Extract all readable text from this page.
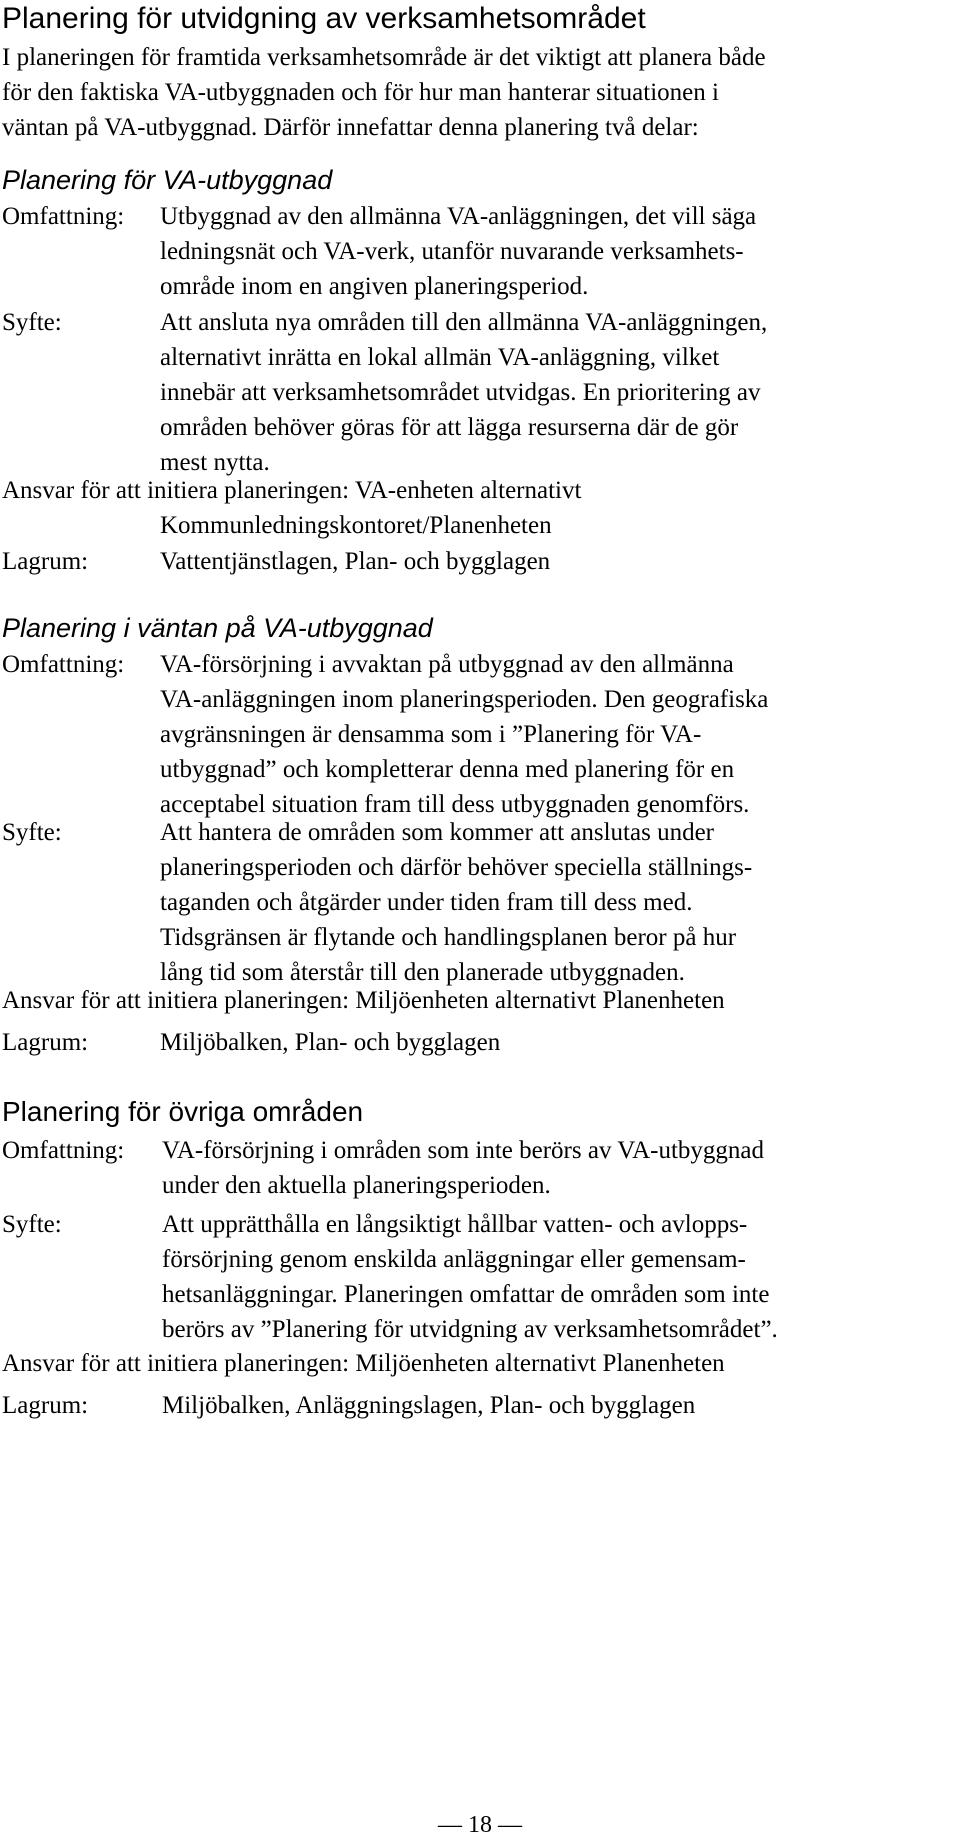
Planering för utvidgning av verksamhetsområdet

I planeringen för framtida verksamhetsområde är det viktigt att planera både
för den faktiska VA-utbyggnaden och för hur man hanterar situationen i
väntan på VA-utbyggnad. Därför innefattar denna planering två delar:

Planering för VA-utbyggnad
Omfattning: Utbyggnad av den allmänna VA-anläggningen, det vill säga
ledningsnät och VA-verk, utanför nuvarande verksamhets-
område inom en angiven planeringsperiod.
Syfte:	Att ansluta nya områden till den allmänna VA-anläggningen,
alternativt inrätta en lokal allmän VA-anläggning, vilket
innebär att verksamhetsområdet utvidgas. En prioritering av
områden behöver göras för att lägga resurserna där de gör
mest nytta.
Ansvar för att initiera planeringen: VA-enheten alternativt
Kommunledningskontoret/Planenheten
Lagrum:	Vattentjänstlagen, Plan- och bygglagen
Planering i väntan på VA-utbyggnad
Omfattning: VA-försörjning i avvaktan på utbyggnad av den allmänna
VA-anläggningen inom planeringsperioden. Den geografiska
avgränsningen är densamma som i ”Planering för VA-
utbyggnad” och kompletterar denna med planering för en
acceptabel situation fram till dess utbyggnaden genomförs.
Syfte:	Att hantera de områden som kommer att anslutas under
planeringsperioden och därför behöver speciella ställnings-
taganden och åtgärder under tiden fram till dess med.
Tidsgränsen är flytande och handlingsplanen beror på hur
lång tid som återstår till den planerade utbyggnaden.
Ansvar för att initiera planeringen: Miljöenheten alternativt Planenheten
Lagrum:	Miljöbalken, Plan- och bygglagen
Planering för övriga områden
Omfattning: VA-försörjning i områden som inte berörs av VA-utbyggnad
under den aktuella planeringsperioden.
Syfte:	Att upprätthålla en långsiktigt hållbar vatten- och avlopps-
försörjning genom enskilda anläggningar eller gemensam-
hetsanläggningar. Planeringen omfattar de områden som inte
berörs av ”Planering för utvidgning av verksamhetsområdet”.
Ansvar för att initiera planeringen: Miljöenheten alternativt Planenheten
Lagrum:	Miljöbalken, Anläggningslagen, Plan- och bygglagen
— 18 —
